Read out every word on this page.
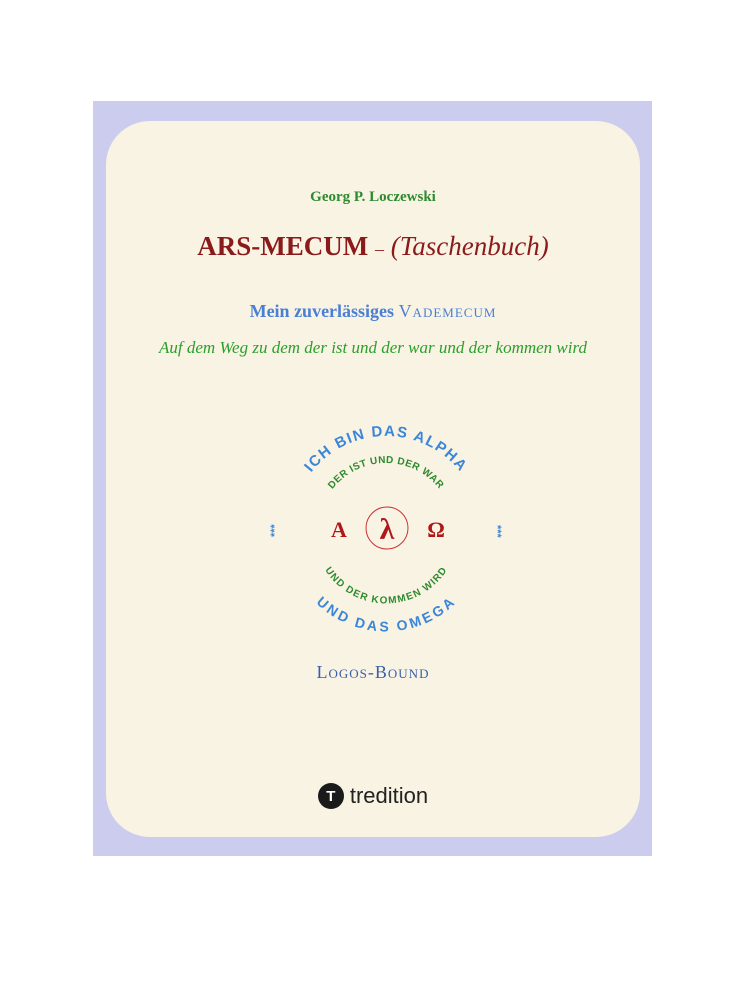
Georg P. Loczewski
ARS-MECUM – (Taschenbuch)
Mein zuverlässiges Vademecum
Auf dem Weg zu dem der ist und der war und der kommen wird
ICH BIN DAS ALPHA
UND DAS OMEGA
DER IST UND DER WAR
UND DER KOMMEN WIRD
***	***
Α λ Ω
Logos-Bound
T tredition
